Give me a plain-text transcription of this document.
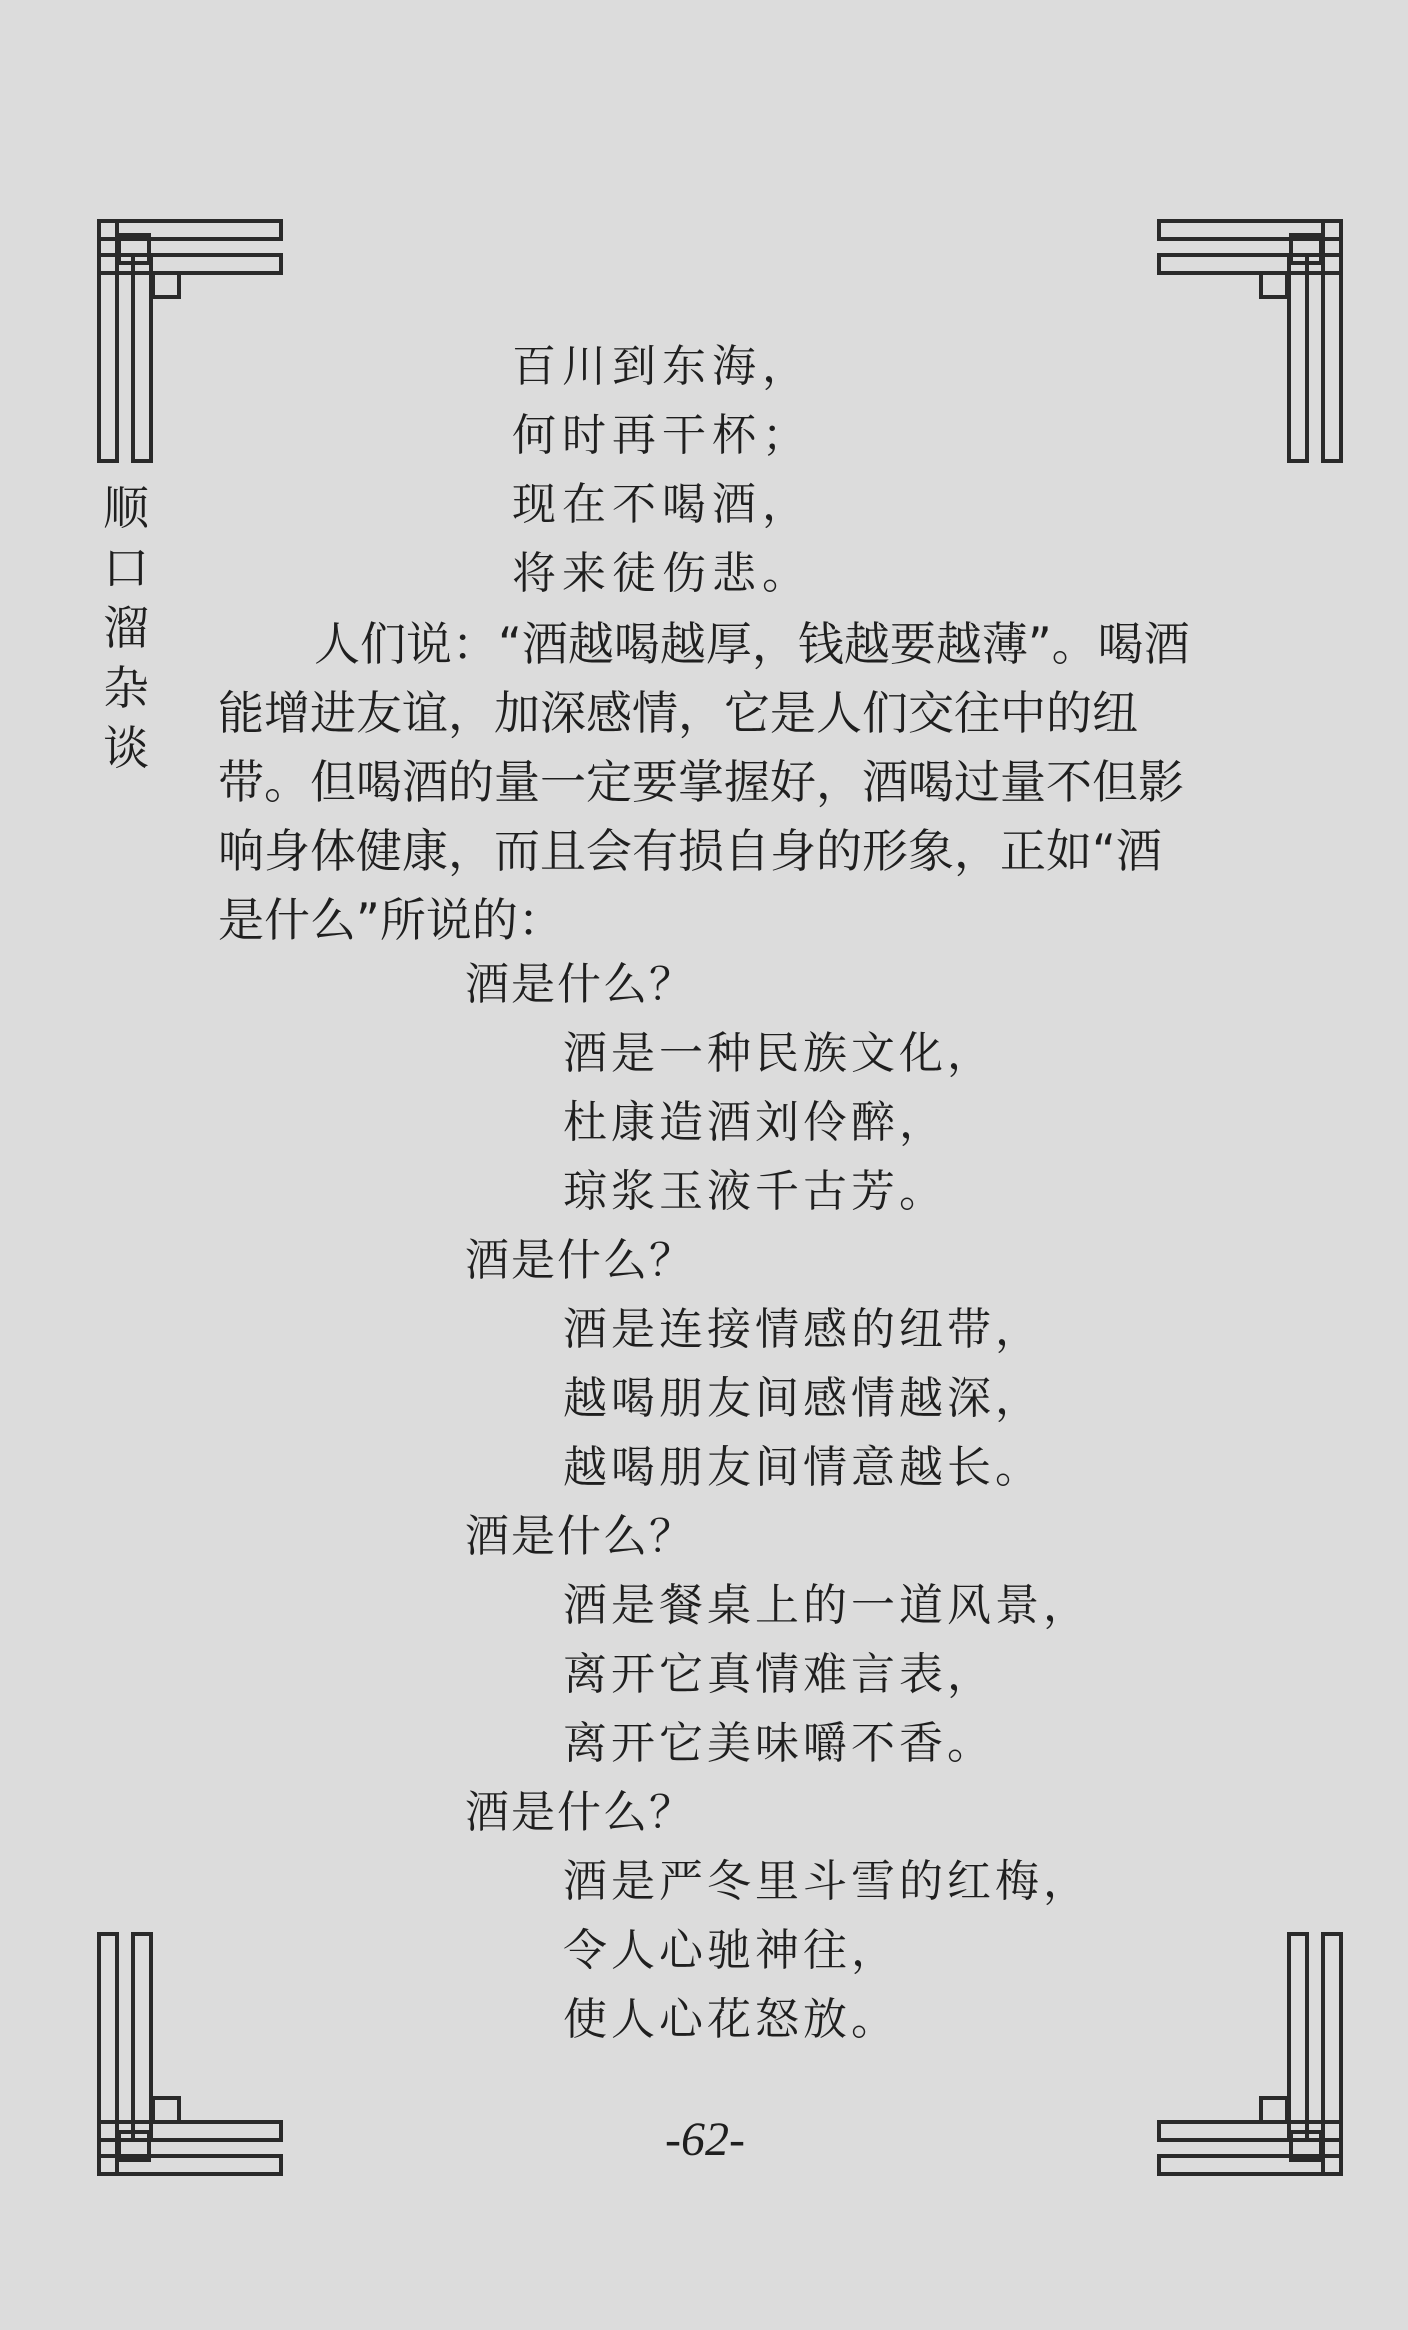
顺
口
溜
杂
谈
百川到东海，
何时再干杯；
现在不喝酒，
将来徒伤悲。
人们说：“酒越喝越厚，钱越要越薄”。喝酒
能增进友谊，加深感情，它是人们交往中的纽
带。但喝酒的量一定要掌握好，酒喝过量不但影
响身体健康，而且会有损自身的形象，正如“酒
是什么”所说的：
酒是什么？
酒是一种民族文化，
杜康造酒刘伶醉，
琼浆玉液千古芳。
酒是什么？
酒是连接情感的纽带，
越喝朋友间感情越深，
越喝朋友间情意越长。
酒是什么？
酒是餐桌上的一道风景，
离开它真情难言表，
离开它美味嚼不香。
酒是什么？
酒是严冬里斗雪的红梅，
令人心驰神往，
使人心花怒放。
-62-
